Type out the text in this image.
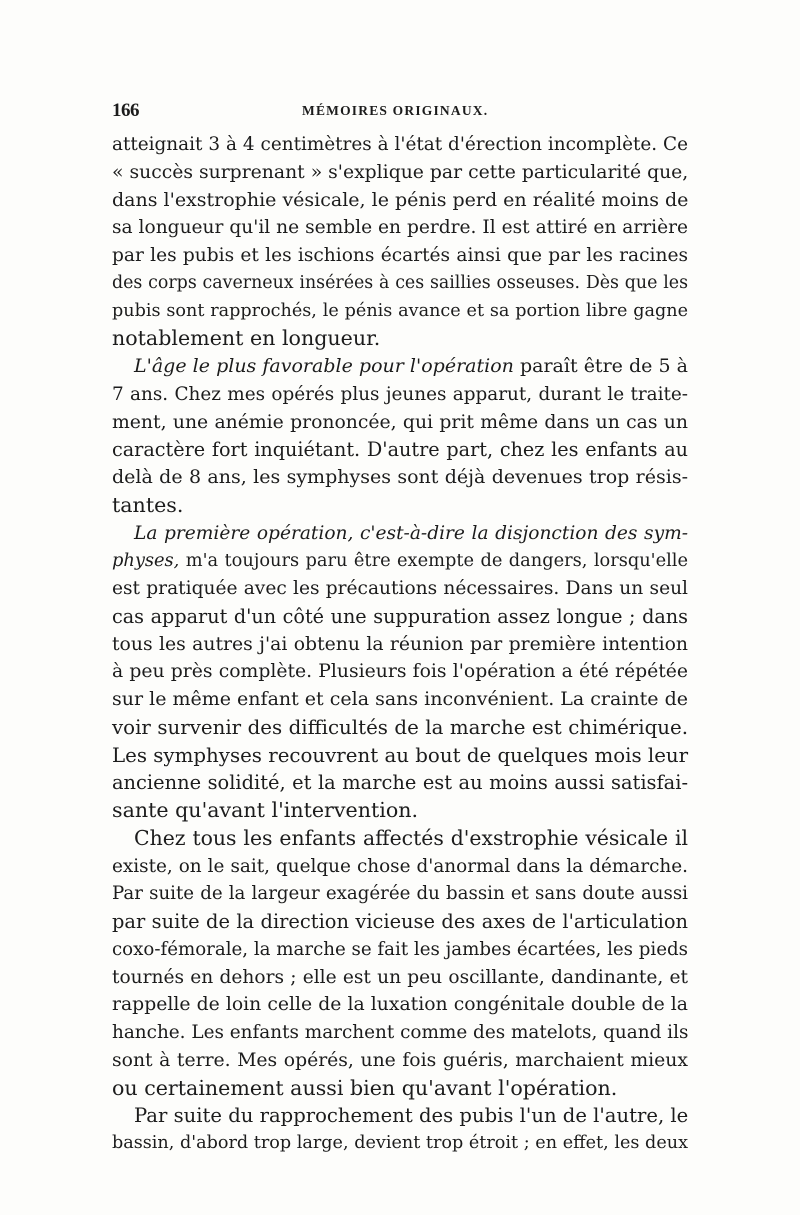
166	MÉMOIRES ORIGINAUX.
atteignait 3 à 4 centimètres à l'état d'érection incomplète. Ce
« succès surprenant » s'explique par cette particularité que,
dans l'exstrophie vésicale, le pénis perd en réalité moins de
sa longueur qu'il ne semble en perdre. Il est attiré en arrière
par les pubis et les ischions écartés ainsi que par les racines
des corps caverneux insérées à ces saillies osseuses. Dès que les
pubis sont rapprochés, le pénis avance et sa portion libre gagne
notablement en longueur.
L'âge le plus favorable pour l'opération paraît être de 5 à
7 ans. Chez mes opérés plus jeunes apparut, durant le traite-
ment, une anémie prononcée, qui prit même dans un cas un
caractère fort inquiétant. D'autre part, chez les enfants au
delà de 8 ans, les symphyses sont déjà devenues trop résis-
tantes.
La première opération, c'est-à-dire la disjonction des sym-
physes, m'a toujours paru être exempte de dangers, lorsqu'elle
est pratiquée avec les précautions nécessaires. Dans un seul
cas apparut d'un côté une suppuration assez longue ; dans
tous les autres j'ai obtenu la réunion par première intention
à peu près complète. Plusieurs fois l'opération a été répétée
sur le même enfant et cela sans inconvénient. La crainte de
voir survenir des difficultés de la marche est chimérique.
Les symphyses recouvrent au bout de quelques mois leur
ancienne solidité, et la marche est au moins aussi satisfai-
sante qu'avant l'intervention.
Chez tous les enfants affectés d'exstrophie vésicale il
existe, on le sait, quelque chose d'anormal dans la démarche.
Par suite de la largeur exagérée du bassin et sans doute aussi
par suite de la direction vicieuse des axes de l'articulation
coxo-fémorale, la marche se fait les jambes écartées, les pieds
tournés en dehors ; elle est un peu oscillante, dandinante, et
rappelle de loin celle de la luxation congénitale double de la
hanche. Les enfants marchent comme des matelots, quand ils
sont à terre. Mes opérés, une fois guéris, marchaient mieux
ou certainement aussi bien qu'avant l'opération.
Par suite du rapprochement des pubis l'un de l'autre, le
bassin, d'abord trop large, devient trop étroit ; en effet, les deux
